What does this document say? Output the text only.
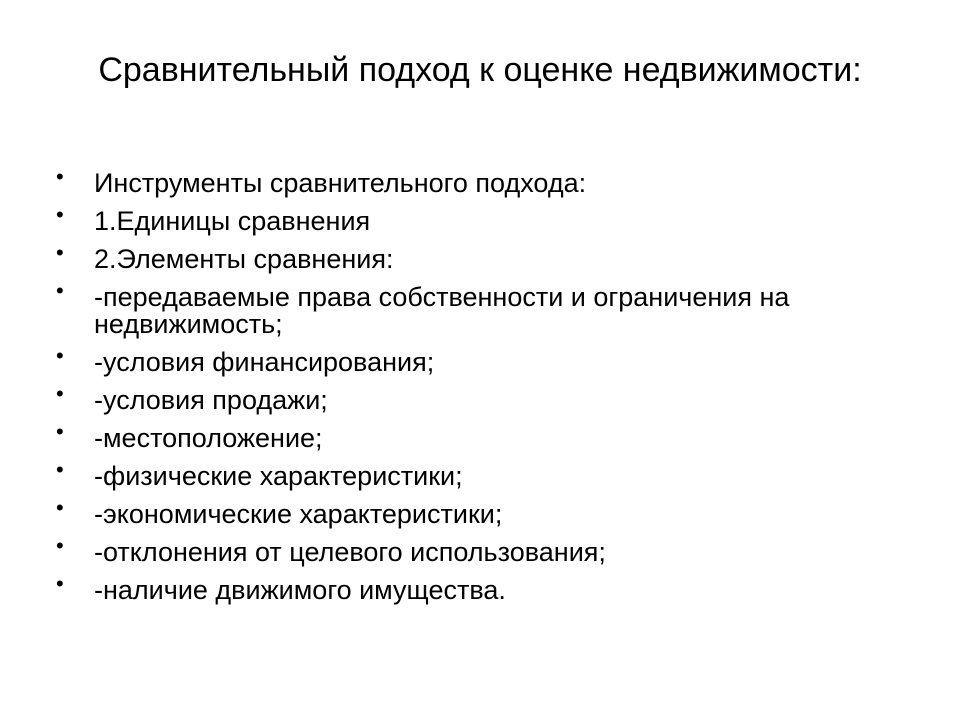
Сравнительный подход к оценке недвижимости:
• Инструменты сравнительного подхода:
• 1.Единицы сравнения
• 2.Элементы сравнения:
• -передаваемые права собственности и ограничения на недвижимость;
• -условия финансирования;
• -условия продажи;
• -местоположение;
• -физические характеристики;
• -экономические характеристики;
• -отклонения от целевого использования;
• -наличие движимого имущества.
